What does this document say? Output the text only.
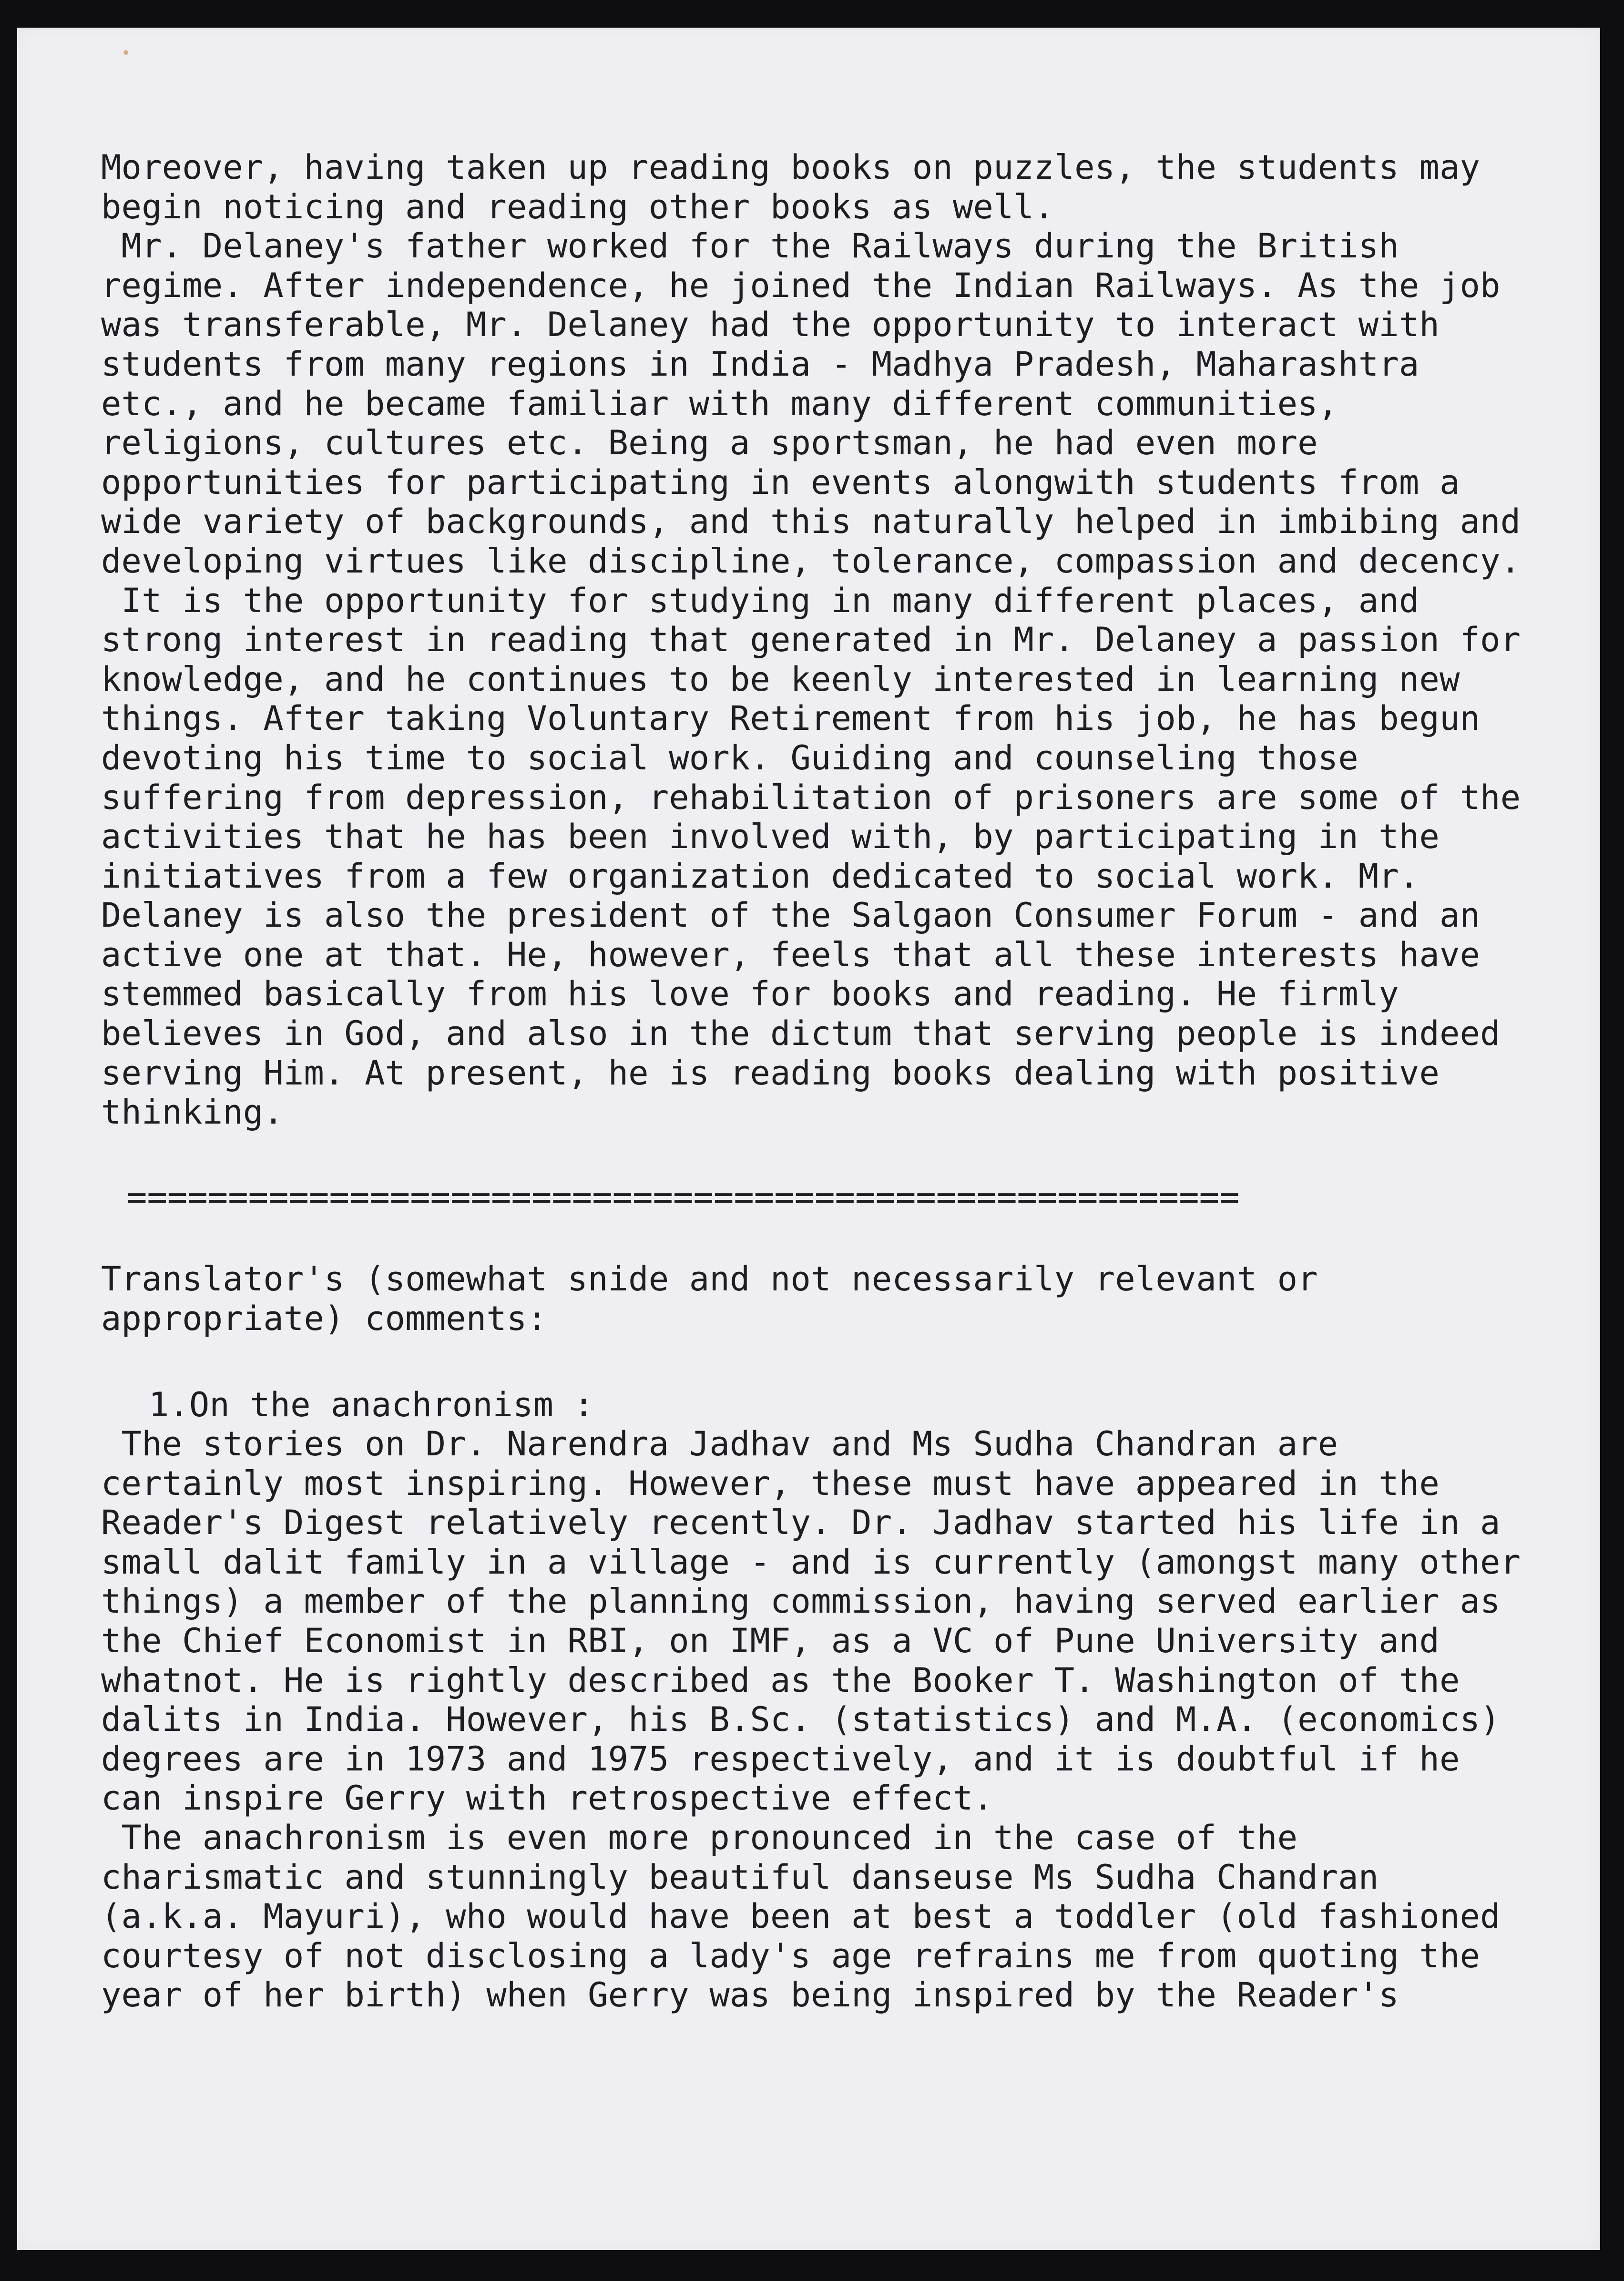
Moreover, having taken up reading books on puzzles, the students may
begin noticing and reading other books as well.
Mr. Delaney's father worked for the Railways during the British
regime. After independence, he joined the Indian Railways. As the job
was transferable, Mr. Delaney had the opportunity to interact with
students from many regions in India - Madhya Pradesh, Maharashtra
etc., and he became familiar with many different communities,
religions, cultures etc. Being a sportsman, he had even more
opportunities for participating in events alongwith students from a
wide variety of backgrounds, and this naturally helped in imbibing and
developing virtues like discipline, tolerance, compassion and decency.
It is the opportunity for studying in many different places, and
strong interest in reading that generated in Mr. Delaney a passion for
knowledge, and he continues to be keenly interested in learning new
things. After taking Voluntary Retirement from his job, he has begun
devoting his time to social work. Guiding and counseling those
suffering from depression, rehabilitation of prisoners are some of the
activities that he has been involved with, by participating in the
initiatives from a few organization dedicated to social work. Mr.
Delaney is also the president of the Salgaon Consumer Forum - and an
active one at that. He, however, feels that all these interests have
stemmed basically from his love for books and reading. He firmly
believes in God, and also in the dictum that serving people is indeed
serving Him. At present, he is reading books dealing with positive
thinking.

=======================================================

Translator's (somewhat snide and not necessarily relevant or
appropriate) comments:

1.On the anachronism :

The stories on Dr. Narendra Jadhav and Ms Sudha Chandran are
certainly most inspiring. However, these must have appeared in the
Reader's Digest relatively recently. Dr. Jadhav started his life in a
small dalit family in a village - and is currently (amongst many other
things) a member of the planning commission, having served earlier as
the Chief Economist in RBI, on IMF, as a VC of Pune University and
whatnot. He is rightly described as the Booker T. Washington of the
dalits in India. However, his B.Sc. (statistics) and M.A. (economics)
degrees are in 1973 and 1975 respectively, and it is doubtful if he
can inspire Gerry with retrospective effect.
The anachronism is even more pronounced in the case of the
charismatic and stunningly beautiful danseuse Ms Sudha Chandran
(a.k.a. Mayuri), who would have been at best a toddler (old fashioned
courtesy of not disclosing a lady's age refrains me from quoting the
year of her birth) when Gerry was being inspired by the Reader's
